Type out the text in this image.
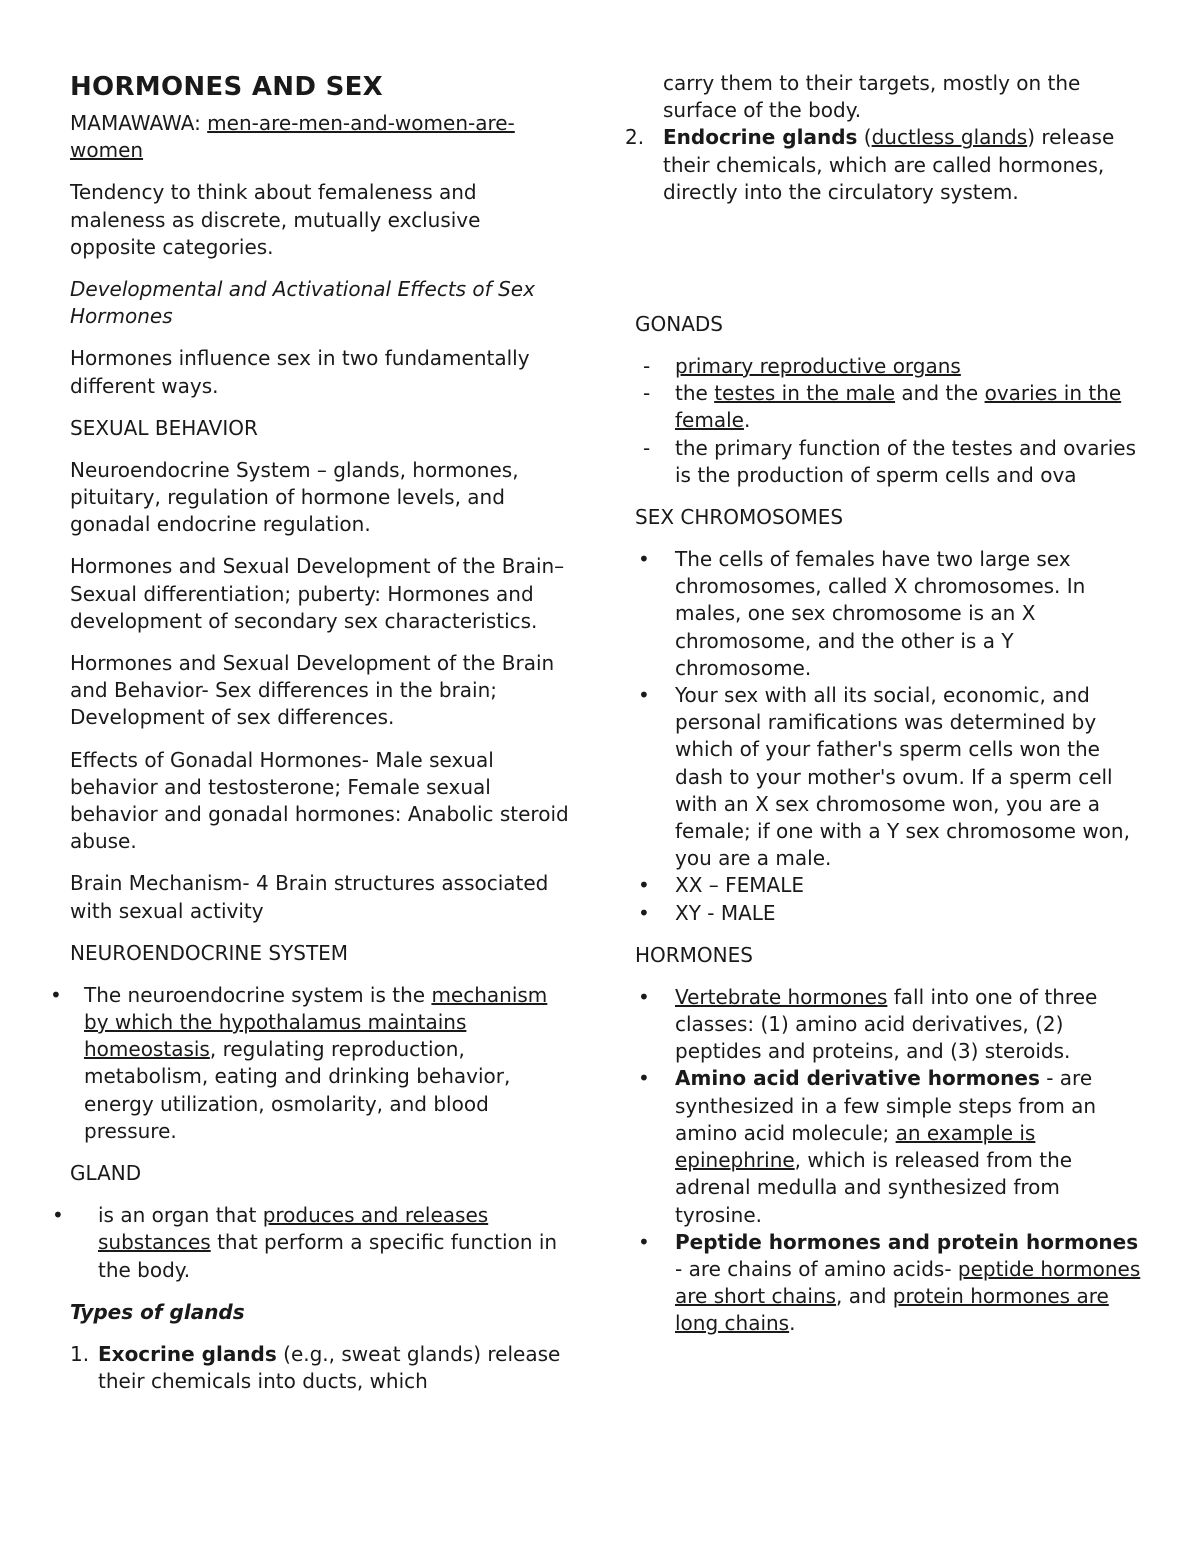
HORMONES AND SEX

MAMAWAWA: men-are-men-and-women-are-women

Tendency to think about femaleness and maleness as discrete, mutually exclusive opposite categories.

Developmental and Activational Effects of Sex Hormones

Hormones influence sex in two fundamentally different ways.

SEXUAL BEHAVIOR

Neuroendocrine System – glands, hormones, pituitary, regulation of hormone levels, and gonadal endocrine regulation.

Hormones and Sexual Development of the Brain– Sexual differentiation; puberty: Hormones and development of secondary sex characteristics.

Hormones and Sexual Development of the Brain and Behavior- Sex differences in the brain; Development of sex differences.

Effects of Gonadal Hormones- Male sexual behavior and testosterone; Female sexual behavior and gonadal hormones: Anabolic steroid abuse.

Brain Mechanism- 4 Brain structures associated with sexual activity

NEUROENDOCRINE SYSTEM
• The neuroendocrine system is the mechanism by which the hypothalamus maintains homeostasis, regulating reproduction, metabolism, eating and drinking behavior, energy utilization, osmolarity, and blood pressure.
GLAND
• is an organ that produces and releases substances that perform a specific function in the body.

Types of glands

1. Exocrine glands (e.g., sweat glands) release their chemicals into ducts, which
carry them to their targets, mostly on the surface of the body.
2. Endocrine glands (ductless glands) release their chemicals, which are called hormones, directly into the circulatory system.
GONADS
- primary reproductive organs
- the testes in the male and the ovaries in the female.
- the primary function of the testes and ovaries is the production of sperm cells and ova
SEX CHROMOSOMES
• The cells of females have two large sex chromosomes, called X chromosomes. In males, one sex chromosome is an X chromosome, and the other is a Y chromosome.
• Your sex with all its social, economic, and personal ramifications was determined by which of your father's sperm cells won the dash to your mother's ovum. If a sperm cell with an X sex chromosome won, you are a female; if one with a Y sex chromosome won, you are a male.
• XX – FEMALE
• XY - MALE
HORMONES
• Vertebrate hormones fall into one of three classes: (1) amino acid derivatives, (2) peptides and proteins, and (3) steroids.
• Amino acid derivative hormones - are synthesized in a few simple steps from an amino acid molecule; an example is epinephrine, which is released from the adrenal medulla and synthesized from tyrosine.
• Peptide hormones and protein hormones - are chains of amino acids- peptide hormones are short chains, and protein hormones are long chains.
